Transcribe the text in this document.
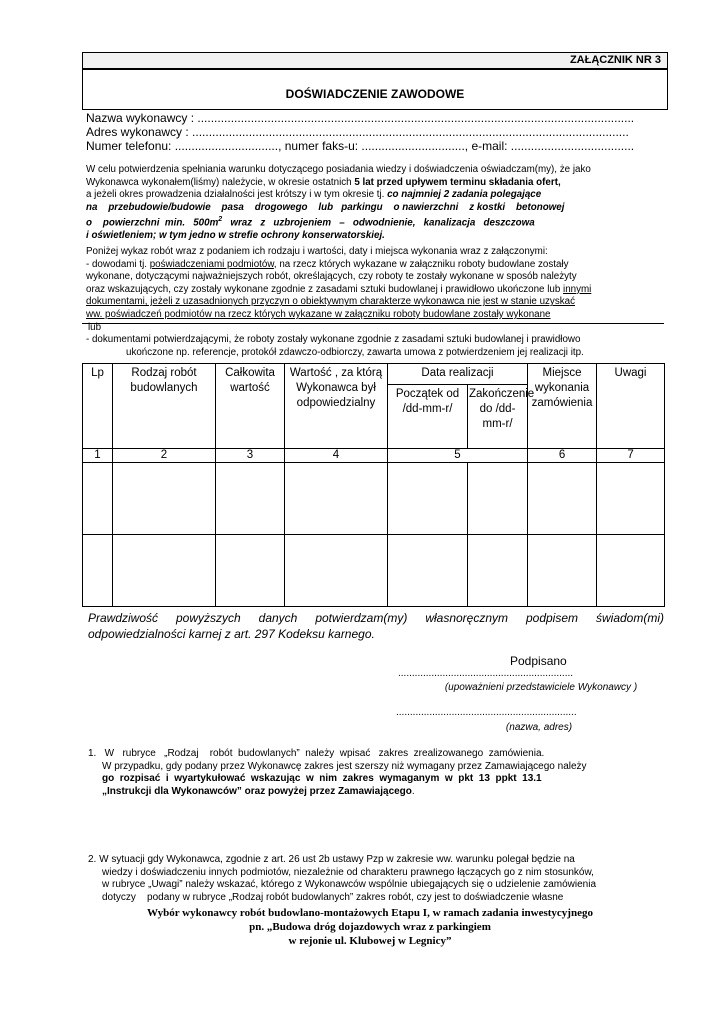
ZAŁĄCZNIK NR 3
DOŚWIADCZENIE ZAWODOWE
Nazwa wykonawcy : ...................................................................................................................................
Adres wykonawcy : ...................................................................................................................................
Numer telefonu: ..............................., numer faks-u: ..............................., e-mail: .....................................
W celu potwierdzenia spełniania warunku dotyczącego posiadania wiedzy i doświadczenia oświadczam(my), że jako
Wykonawca wykonałem(liśmy) należycie, w okresie ostatnich 5 lat przed upływem terminu składania ofert,
a jeżeli okres prowadzenia działalności jest krótszy i w tym okresie tj. co najmniej 2 zadania polegające
na    przebudowie/budowie    pasa    drogowego    lub   parkingu    o nawierzchni    z kostki    betonowej
o    powierzchni  min.   $500m^2$   wraz   z   uzbrojeniem   –   odwodnienie,   kanalizacja   deszczowa
i oświetleniem; w tym jedno w strefie ochrony konserwatorskiej.
Poniżej wykaz robót wraz z podaniem ich rodzaju i wartości, daty i miejsca wykonania wraz z załączonymi:
- dowodami tj. poświadczeniami podmiotów, na rzecz których wykazane w załączniku roboty budowlane zostały
wykonane, dotyczącymi najważniejszych robót, określających, czy roboty te zostały wykonane w sposób należyty
oraz wskazujących, czy zostały wykonane zgodnie z zasadami sztuki budowlanej i prawidłowo ukończone lub innymi
dokumentami, jeżeli z uzasadnionych przyczyn o obiektywnym charakterze wykonawca nie jest w stanie uzyskać
ww. poświadczeń podmiotów na rzecz których wykazane w załączniku roboty budowlane zostały wykonane
lub
- dokumentami potwierdzającymi, że roboty zostały wykonane zgodnie z zasadami sztuki budowlanej i prawidłowo
ukończone np. referencje, protokół zdawczo-odbiorczy, zawarta umowa z potwierdzeniem jej realizacji itp.
Lp	Rodzaj robót budowlanych	Całkowita wartość	Wartość , za którą Wykonawca był odpowiedzialny	Data realizacji		Miejsce wykonania zamówienia	Uwagi
				Początek od /dd-mm-r/	Zakończenie do /dd-mm-r/		
1	2	3	4	5		6	7

Prawdziwość powyższych danych potwierdzam(my) własnoręcznym podpisem świadom(mi) odpowiedzialności karnej z art. 297 Kodeksu karnego.
Podpisano
...............................................................
(upoważnieni przedstawiciele Wykonawcy )
.................................................................
(nazwa, adres)
1.   W   rubryce   „Rodzaj    robót  budowlanych”  należy  wpisać   zakres  zrealizowanego  zamówienia.
W przypadku, gdy podany przez Wykonawcę zakres jest szerszy niż wymagany przez Zamawiającego należy
go  rozpisać  i  wyartykułować  wskazując  w  nim  zakres  wymaganym  w  pkt  13  ppkt  13.1
„Instrukcji dla Wykonawców” oraz powyżej przez Zamawiającego.
2. W sytuacji gdy Wykonawca, zgodnie z art. 26 ust 2b ustawy Pzp w zakresie ww. warunku polegał będzie na
wiedzy i doświadczeniu innych podmiotów, niezależnie od charakteru prawnego łączących go z nim stosunków,
w rubryce „Uwagi” należy wskazać, którego z Wykonawców wspólnie ubiegających się o udzielenie zamówienia
dotyczy    podany w rubryce „Rodzaj robót budowlanych” zakres robót, czy jest to doświadczenie własne
Wybór wykonawcy robót budowlano-montażowych Etapu I, w ramach zadania inwestycyjnego
pn. „Budowa dróg dojazdowych wraz z parkingiem
w rejonie ul. Klubowej w Legnicy”
